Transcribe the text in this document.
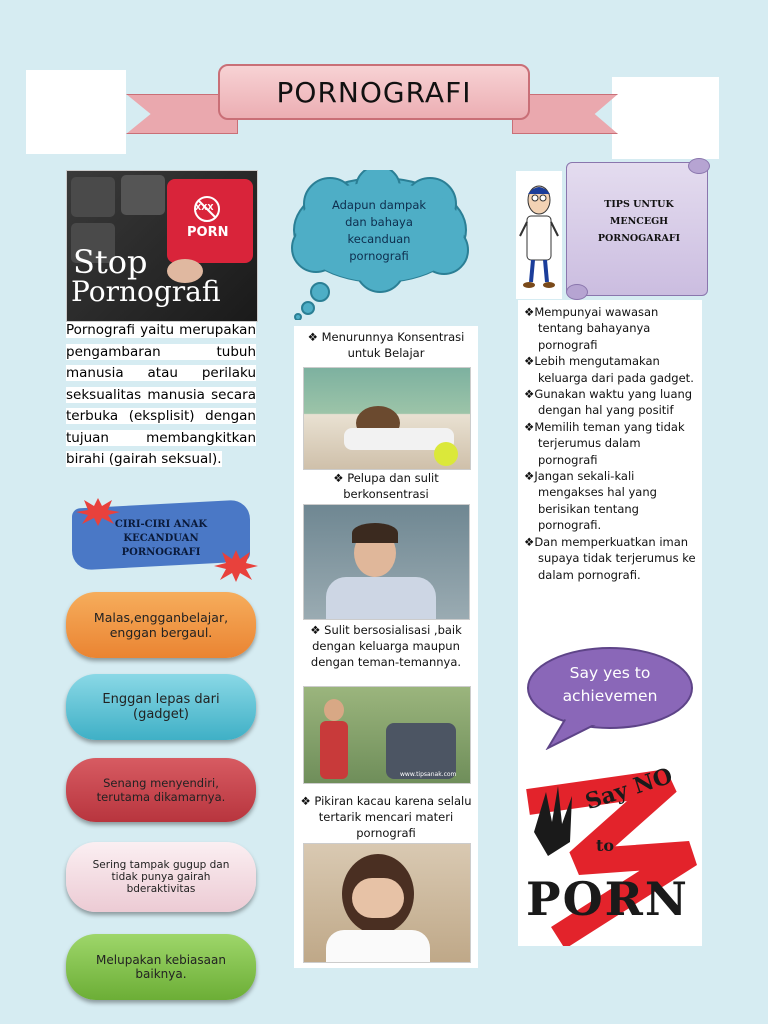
PORNOGRAFI
XXX
PORN
Stop
Pornografi
Pornografi yaitu merupakan pengambaran tubuh manusia atau perilaku seksualitas manusia secara terbuka (eksplisit) dengan tujuan membangkitkan birahi (gairah seksual).
CIRI-CIRI ANAK KECANDUAN PORNOGRAFI
Malas,engganbelajar, enggan bergaul.
Enggan lepas dari (gadget)
Senang menyendiri, terutama dikamarnya.
Sering tampak gugup dan tidak punya gairah bderaktivitas
Melupakan kebiasaan baiknya.
Adapun dampak dan bahaya kecanduan pornografi
❖ Menurunnya Konsentrasi untuk Belajar
❖ Pelupa dan sulit berkonsentrasi
❖ Sulit bersosialisasi ,baik dengan keluarga maupun dengan teman-temannya.
www.tipsanak.com
❖ Pikiran kacau karena selalu tertarik mencari materi pornografi
TIPS UNTUK MENCEGH PORNOGARAFI
❖Mempunyai wawasan tentang bahayanya pornografi
❖Lebih mengutamakan keluarga dari pada gadget.
❖Gunakan waktu yang luang dengan hal yang positif
❖Memilih teman yang tidak terjerumus dalam pornografi
❖Jangan sekali-kali mengakses hal yang berisikan tentang pornografi.
❖Dan memperkuatkan iman supaya tidak terjerumus ke dalam pornografi.
Say yes to achievemen
Say NO
to
PORN
